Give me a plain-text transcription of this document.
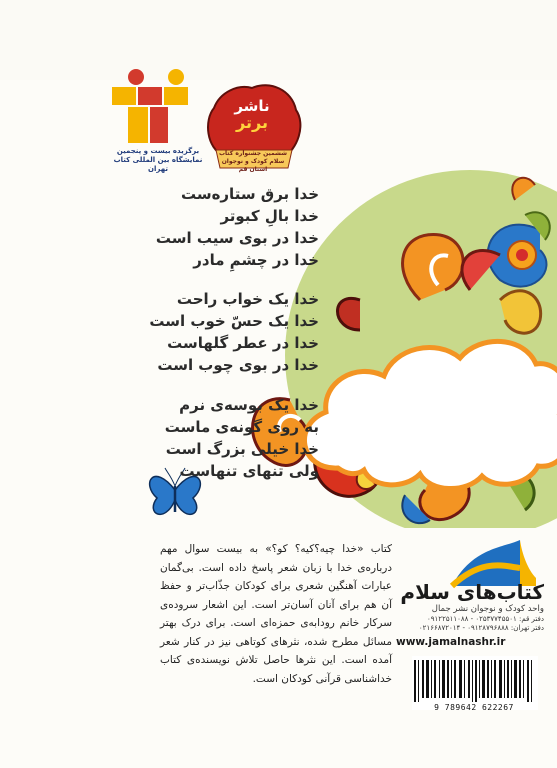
برگزیده بیست و پنجمین نمایشگاه بین المللی کتاب تهران
ناشر
برتر
ششمین جشنواره کتاب سلام کودک و نوجوان استان قم
خدا برق ستاره‌ست
خدا بالِ کبوتر
خدا در بوی سیب است
خدا در چشمِ مادر
خدا یک خواب راحت
خدا یک حسّ خوب است
خدا در عطر گلهاست
خدا در بوی چوب است
خدا یک بوسه‌ی نرم
به روی گونه‌ی ماست
خدا خیلی بزرگ است
ولی تنهای تنهاست
کتاب «خدا چیه؟کیه؟ کو؟» به بیست سوال مهم درباره‌ی خدا با زبان شعر پاسخ داده است. بی‌گمان عبارات آهنگین شعری برای کودکان جذّاب‌تر و حفظ آن هم برای آنان آسان‌تر است. این اشعار سروده‌ی سرکار خانم رودابه‌ی حمزه‌ای است. برای درک بهتر مسائل مطرح شده، نثرهای کوتاهی نیز در کنار شعر آمده است. این نثرها حاصل تلاش نویسنده‌ی کتاب خداشناسی قرآنی کودکان است.
کتاب‌های سلام
واحد کودک و نوجوان نشر جمال
دفتر قم: ۰۲۵۳۷۷۴۵۵۰۱ - ۰۹۱۲۲۵۱۱۰۸۸
دفتر تهران: ۰۹۱۲۸۷۹۶۸۸۸ - ۰۲۱۶۶۸۷۲۰۱۴
www.jamalnashr.ir
9 789642 622267
